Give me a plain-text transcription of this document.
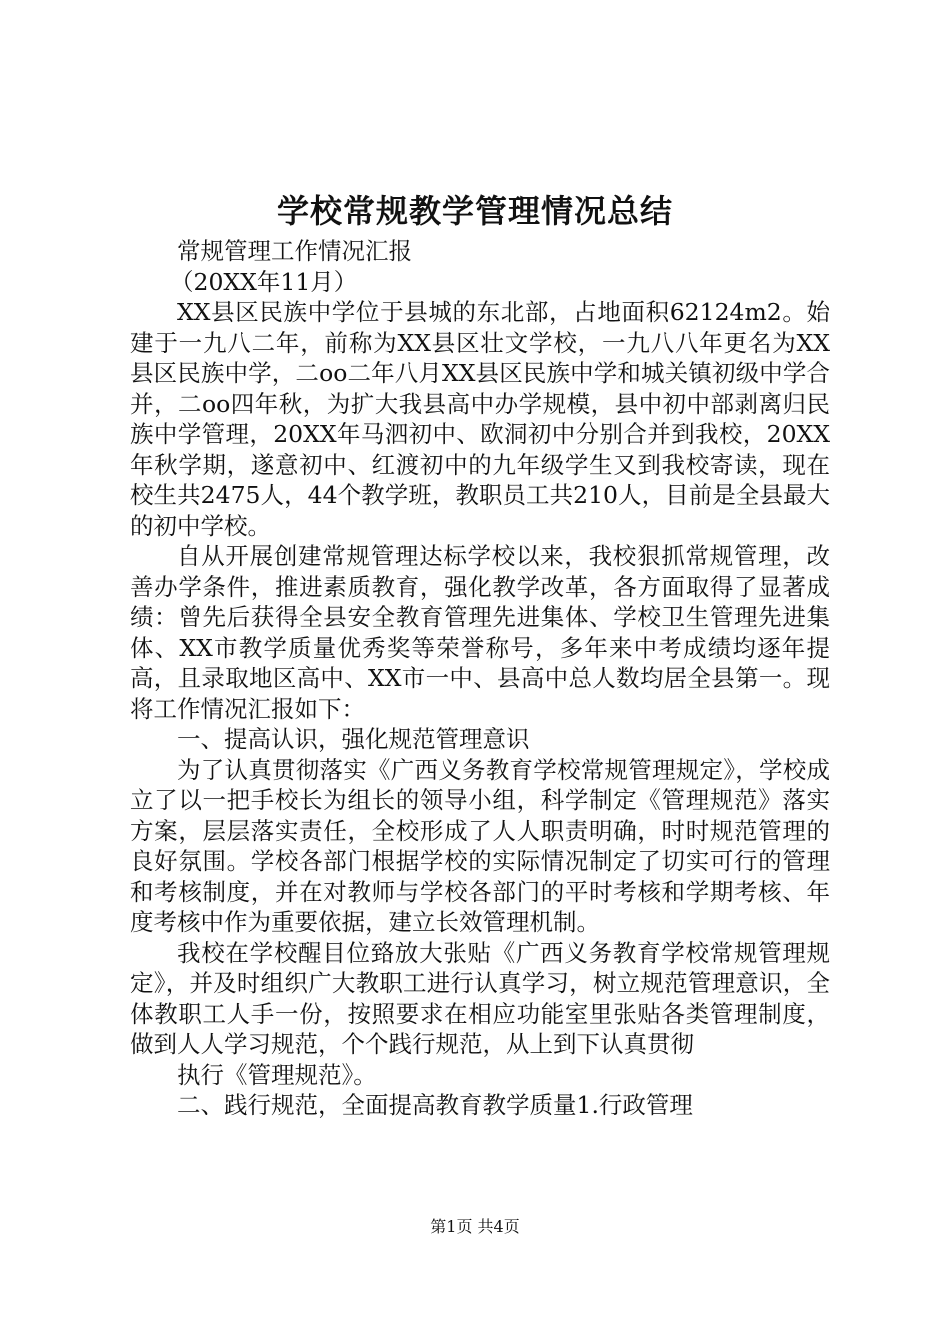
学校常规教学管理情况总结

常规管理工作情况汇报

（20XX年11月）

XX县区民族中学位于县城的东北部，占地面积62124m2。始建于一九八二年，前称为XX县区壮文学校，一九八八年更名为XX县区民族中学，二oo二年八月XX县区民族中学和城关镇初级中学合并，二oo四年秋，为扩大我县高中办学规模，县中初中部剥离归民族中学管理，20XX年马泗初中、欧洞初中分别合并到我校，20XX年秋学期，遂意初中、红渡初中的九年级学生又到我校寄读，现在校生共2475人，44个教学班，教职员工共210人，目前是全县最大的初中学校。

自从开展创建常规管理达标学校以来，我校狠抓常规管理，改善办学条件，推进素质教育，强化教学改革，各方面取得了显著成绩：曾先后获得全县安全教育管理先进集体、学校卫生管理先进集体、XX市教学质量优秀奖等荣誉称号，多年来中考成绩均逐年提高，且录取地区高中、XX市一中、县高中总人数均居全县第一。现将工作情况汇报如下：

一、提高认识，强化规范管理意识

为了认真贯彻落实《广西义务教育学校常规管理规定》，学校成立了以一把手校长为组长的领导小组，科学制定《管理规范》落实方案，层层落实责任，全校形成了人人职责明确，时时规范管理的良好氛围。学校各部门根据学校的实际情况制定了切实可行的管理和考核制度，并在对教师与学校各部门的平时考核和学期考核、年度考核中作为重要依据，建立长效管理机制。

我校在学校醒目位臵放大张贴《广西义务教育学校常规管理规定》，并及时组织广大教职工进行认真学习，树立规范管理意识，全体教职工人手一份，按照要求在相应功能室里张贴各类管理制度，做到人人学习规范，个个践行规范，从上到下认真贯彻

执行《管理规范》。

二、践行规范，全面提高教育教学质量1.行政管理

第1页 共4页
